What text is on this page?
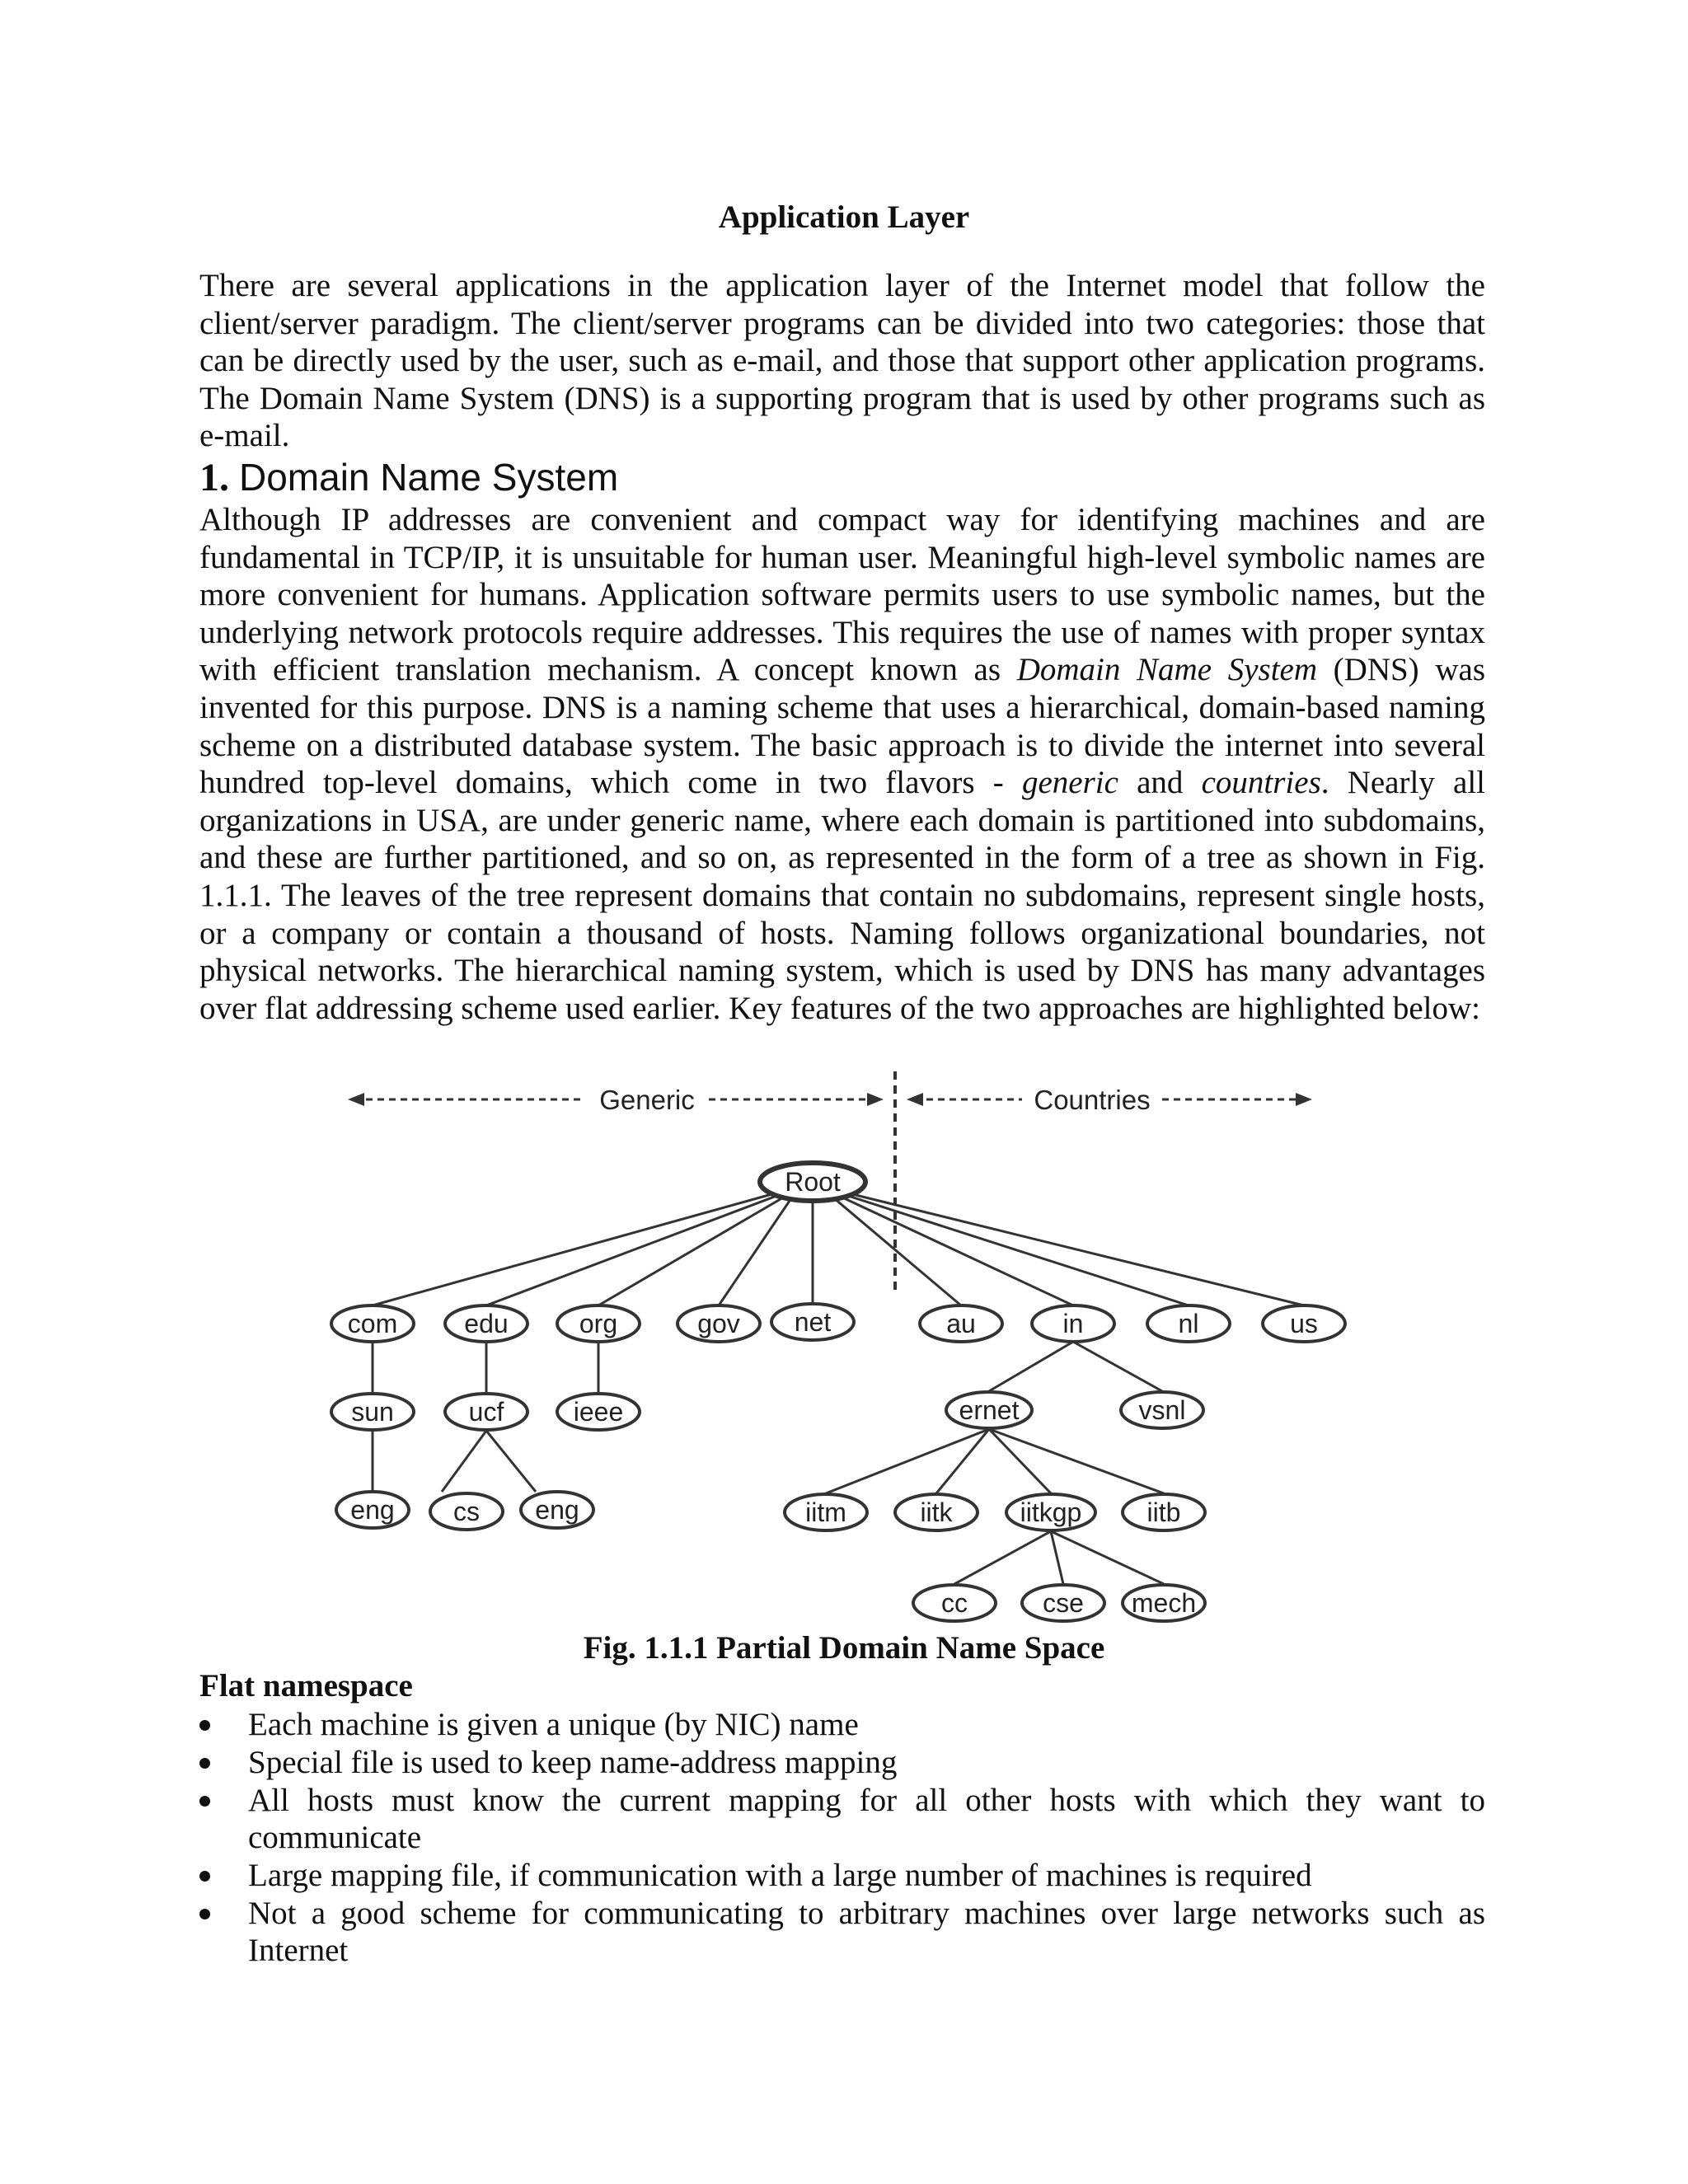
Application Layer

There are several applications in the application layer of the Internet model that follow the client/server paradigm. The client/server programs can be divided into two categories: those that can be directly used by the user, such as e-mail, and those that support other application programs. The Domain Name System (DNS) is a supporting program that is used by other programs such as e-mail.

1. Domain Name System

Although IP addresses are convenient and compact way for identifying machines and are fundamental in TCP/IP, it is unsuitable for human user. Meaningful high-level symbolic names are more convenient for humans. Application software permits users to use symbolic names, but the underlying network protocols require addresses. This requires the use of names with proper syntax with efficient translation mechanism. A concept known as Domain Name System (DNS) was invented for this purpose. DNS is a naming scheme that uses a hierarchical, domain-based naming scheme on a distributed database system. The basic approach is to divide the internet into several hundred top-level domains, which come in two flavors - generic and countries. Nearly all organizations in USA, are under generic name, where each domain is partitioned into subdomains, and these are further partitioned, and so on, as represented in the form of a tree as shown in Fig. 1.1.1. The leaves of the tree represent domains that contain no subdomains, represent single hosts, or a company or contain a thousand of hosts. Naming follows organizational boundaries, not physical networks. The hierarchical naming system, which is used by DNS has many advantages over flat addressing scheme used earlier. Key features of the two approaches are highlighted below:

Generic	Countries
Root
com	edu	org	gov net	au	in	nl	us
sun	ucf	ieee	ernet	vsnl
eng cs eng	iitm	iitk	iitkgp iitb
cc	cse mech
Fig. 1.1.1 Partial Domain Name Space
Flat namespace
Each machine is given a unique (by NIC) name
Special file is used to keep name-address mapping
All hosts must know the current mapping for all other hosts with which they want to communicate
Large mapping file, if communication with a large number of machines is required
Not a good scheme for communicating to arbitrary machines over large networks such as Internet
